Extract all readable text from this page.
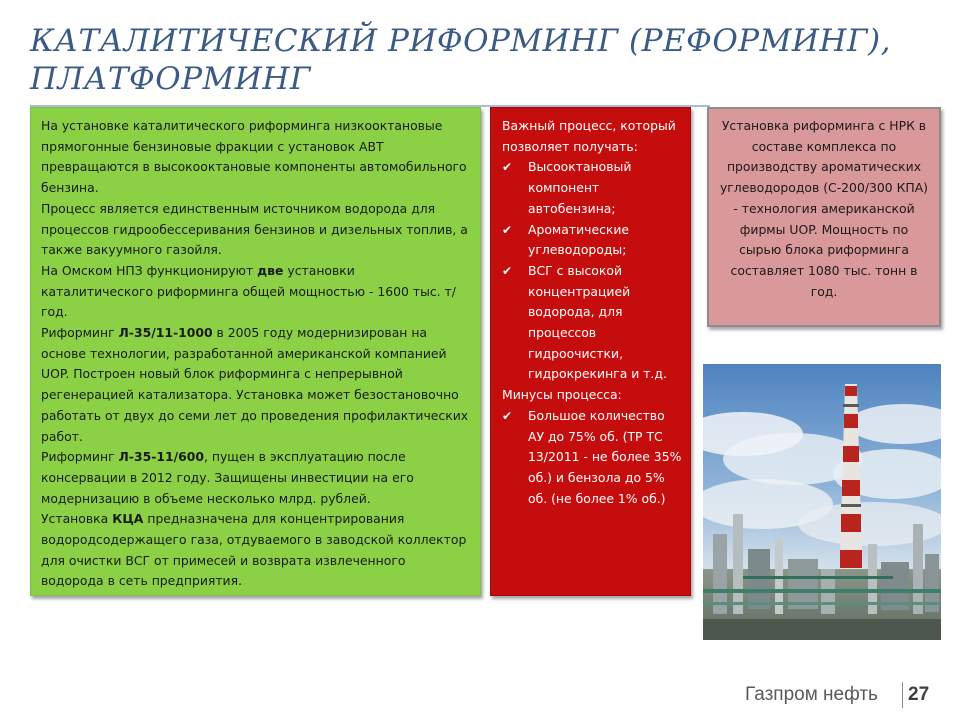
КАТАЛИТИЧЕСКИЙ РИФОРМИНГ (РЕФОРМИНГ),
ПЛАТФОРМИНГ

На установке каталитического риформинга низкооктановые прямогонные бензиновые фракции с установок АВТ превращаются в высокооктановые компоненты автомобильного бензина.

Процесс является единственным источником водорода для процессов гидрообессеривания бензинов и дизельных топлив, а также вакуумного газойля.

На Омском НПЗ функционируют две установки каталитического риформинга общей мощностью - 1600 тыс. т/год.

Риформинг Л-35/11-1000 в 2005 году модернизирован на основе технологии, разработанной американской компанией UOP. Построен новый блок риформинга с непрерывной регенерацией катализатора. Установка может безостановочно работать от двух до семи лет до проведения профилактических работ.

Риформинг Л-35-11/600, пущен в эксплуатацию после консервации в 2012 году. Защищены инвестиции на его модернизацию в объеме несколько млрд. рублей.

Установка КЦА предназначена для концентрирования водородсодержащего газа, отдуваемого в заводской коллектор для очистки ВСГ от примесей и возврата извлеченного водорода в сеть предприятия.

Важный процесс, который позволяет получать:

✔ Высооктановый компонент автобензина;
✔ Ароматические углеводороды;
✔ ВСГ с высокой концентрацией водорода, для процессов гидроочистки, гидрокрекинга и т.д.

Минусы процесса:

✔ Большое количество АУ до 75% об. (ТР ТС 13/2011 - не более 35% об.) и бензола до 5% об. (не более 1% об.)

Установка риформинга с НРК в составе комплекса по производству ароматических углеводородов (С-200/300 КПА) - технология американской фирмы UOP. Мощность по сырью блока риформинга составляет 1080 тыс. тонн в год.

Газпром нефть 27
